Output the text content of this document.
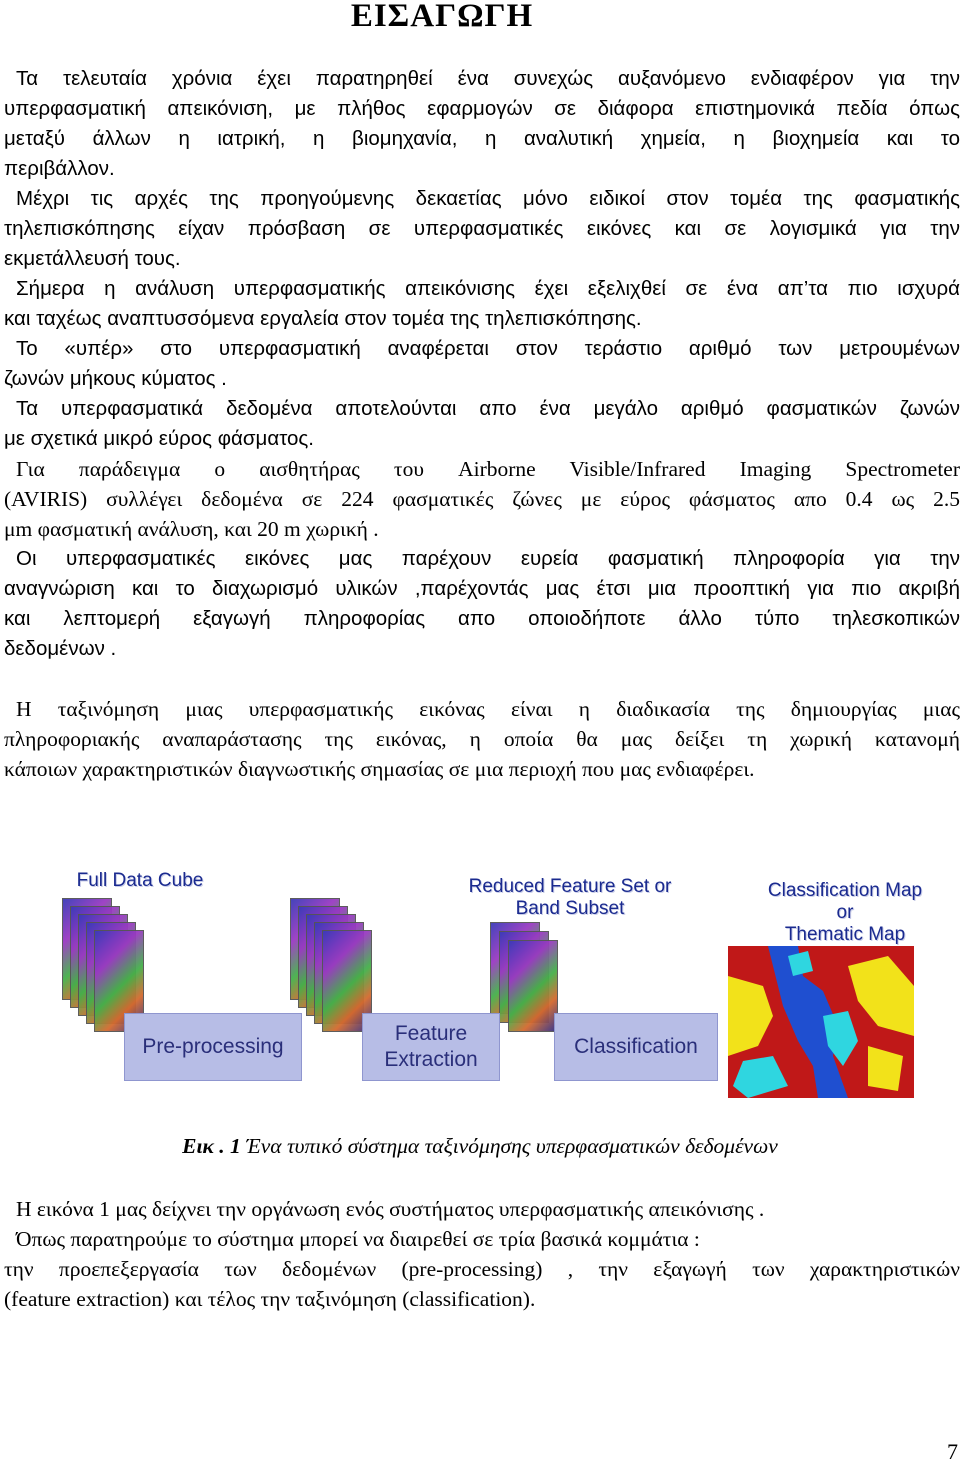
ΕΙΣΑΓΩΓΗ

Τα τελευταία χρόνια έχει παρατηρηθεί ένα συνεχώς αυξανόμενο ενδιαφέρον για την
υπερφασματική απεικόνιση, με πλήθος εφαρμογών σε διάφορα επιστημονικά πεδία όπως
μεταξύ άλλων η ιατρική, η βιομηχανία, η αναλυτική χημεία, η βιοχημεία και το
περιβάλλον.

Μέχρι τις αρχές της προηγούμενης δεκαετίας μόνο ειδικοί στον τομέα της φασματικής
τηλεπισκόπησης είχαν πρόσβαση σε υπερφασματικές εικόνες και σε λογισμικά για την
εκμετάλλευσή τους.

Σήμερα η ανάλυση υπερφασματικής απεικόνισης έχει εξελιχθεί σε ένα απ’τα πιο ισχυρά
και ταχέως αναπτυσσόμενα εργαλεία στον τομέα της τηλεπισκόπησης.

Το «υπέρ» στο υπερφασματική αναφέρεται στον τεράστιο αριθμό των μετρουμένων
ζωνών μήκους κύματος .

Τα υπερφασματικά δεδομένα αποτελούνται απο ένα μεγάλο αριθμό φασματικών ζωνών
με σχετικά μικρό εύρος φάσματος.

Για παράδειγμα ο αισθητήρας του Airborne Visible/Infrared Imaging Spectrometer
(AVIRIS) συλλέγει δεδομένα σε 224 φασματικές ζώνες με εύρος φάσματος απο 0.4 ως 2.5
μm φασματική ανάλυση, και 20 m χωρική .

Οι υπερφασματικές εικόνες μας παρέχουν ευρεία φασματική πληροφορία για την
αναγνώριση και το διαχωρισμό υλικών ,παρέχοντάς μας έτσι μια προοπτική για πιο ακριβή
και λεπτομερή εξαγωγή πληροφορίας απο οποιοδήποτε άλλο τύπο τηλεσκοπικών
δεδομένων .

Η ταξινόμηση μιας υπερφασματικής εικόνας είναι η διαδικασία της δημιουργίας μιας
πληροφοριακής αναπαράστασης της εικόνας, η οποία θα μας δείξει τη χωρική κατανομή
κάποιων χαρακτηριστικών διαγνωστικής σημασίας σε μια περιοχή που μας ενδιαφέρει.

Full Data Cube	Reduced Feature Set or
Band Subset
Classification Map
or
Thematic Map
Pre-processing
Feature
Extraction
Classification
Εικ . 1 Ένα τυπικό σύστημα ταξινόμησης υπερφασματικών δεδομένων

Η εικόνα 1 μας δείχνει την οργάνωση ενός συστήματος υπερφασματικής απεικόνισης .
Όπως παρατηρούμε το σύστημα μπορεί να διαιρεθεί σε τρία βασικά κομμάτια :
την προεπεξεργασία των δεδομένων (pre-processing) , την εξαγωγή των χαρακτηριστικών
(feature extraction) και τέλος την ταξινόμηση (classification).

7
